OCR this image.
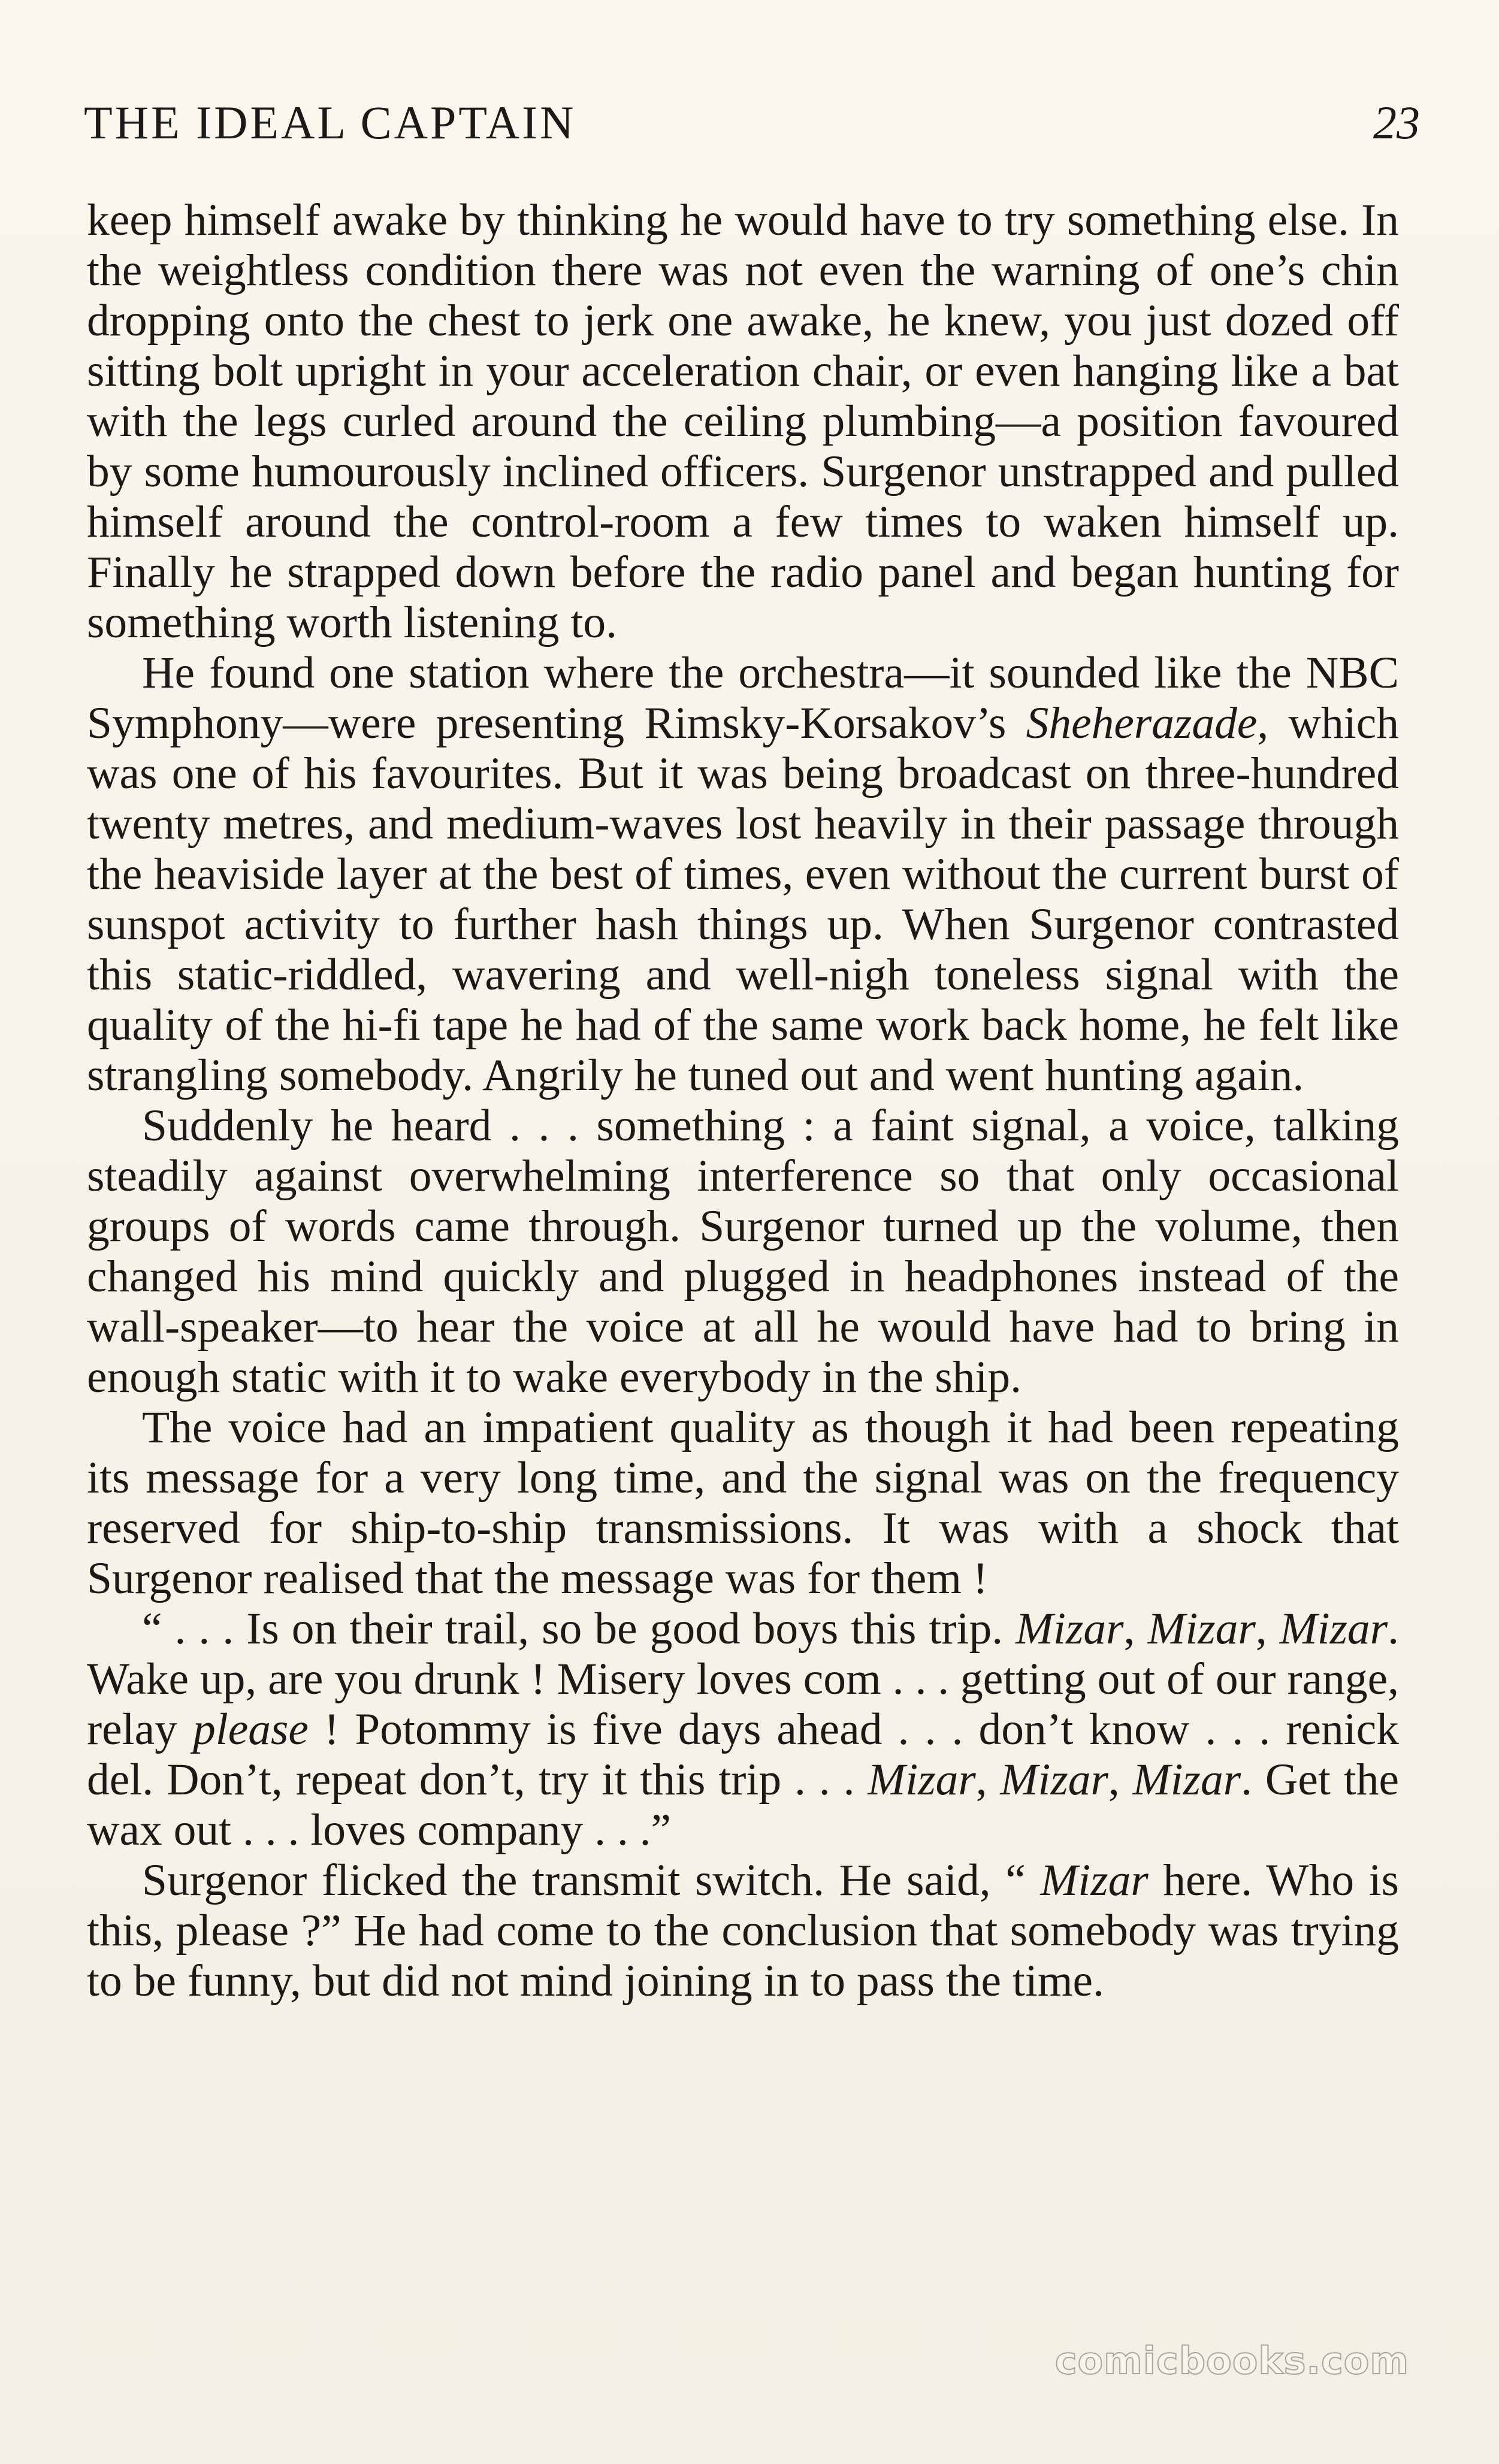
THE IDEAL CAPTAIN	23

keep himself awake by thinking he would have to try something else. In the weightless condition there was not even the warning of one’s chin dropping onto the chest to jerk one awake, he knew, you just dozed off sitting bolt upright in your acceleration chair, or even hanging like a bat with the legs curled around the ceiling plumbing—a position favoured by some humourously inclined officers. Surgenor unstrapped and pulled himself around the control-room a few times to waken himself up. Finally he strapped down before the radio panel and began hunting for something worth listening to.

He found one station where the orchestra—it sounded like the NBC Symphony—were presenting Rimsky-Korsakov’s Sheherazade, which was one of his favourites. But it was being broadcast on three-hundred twenty metres, and medium-waves lost heavily in their passage through the heaviside layer at the best of times, even without the current burst of sunspot activity to further hash things up. When Surgenor contrasted this static-riddled, wavering and well-nigh toneless signal with the quality of the hi-fi tape he had of the same work back home, he felt like strangling somebody. Angrily he tuned out and went hunting again.

Suddenly he heard . . . something : a faint signal, a voice, talking steadily against overwhelming interference so that only occasional groups of words came through. Surgenor turned up the volume, then changed his mind quickly and plugged in headphones instead of the wall-speaker—to hear the voice at all he would have had to bring in enough static with it to wake everybody in the ship.

The voice had an impatient quality as though it had been repeating its message for a very long time, and the signal was on the frequency reserved for ship-to-ship transmissions. It was with a shock that Surgenor realised that the message was for them !

“ . . . Is on their trail, so be good boys this trip. Mizar, Mizar, Mizar. Wake up, are you drunk ! Misery loves com . . . getting out of our range, relay please ! Potommy is five days ahead . . . don’t know . . . renick del. Don’t, repeat don’t, try it this trip . . . Mizar, Mizar, Mizar. Get the wax out . . . loves company . . .”

Surgenor flicked the transmit switch. He said, “ Mizar here. Who is this, please ?” He had come to the conclusion that somebody was trying to be funny, but did not mind joining in to pass the time.

comicbooks.com
